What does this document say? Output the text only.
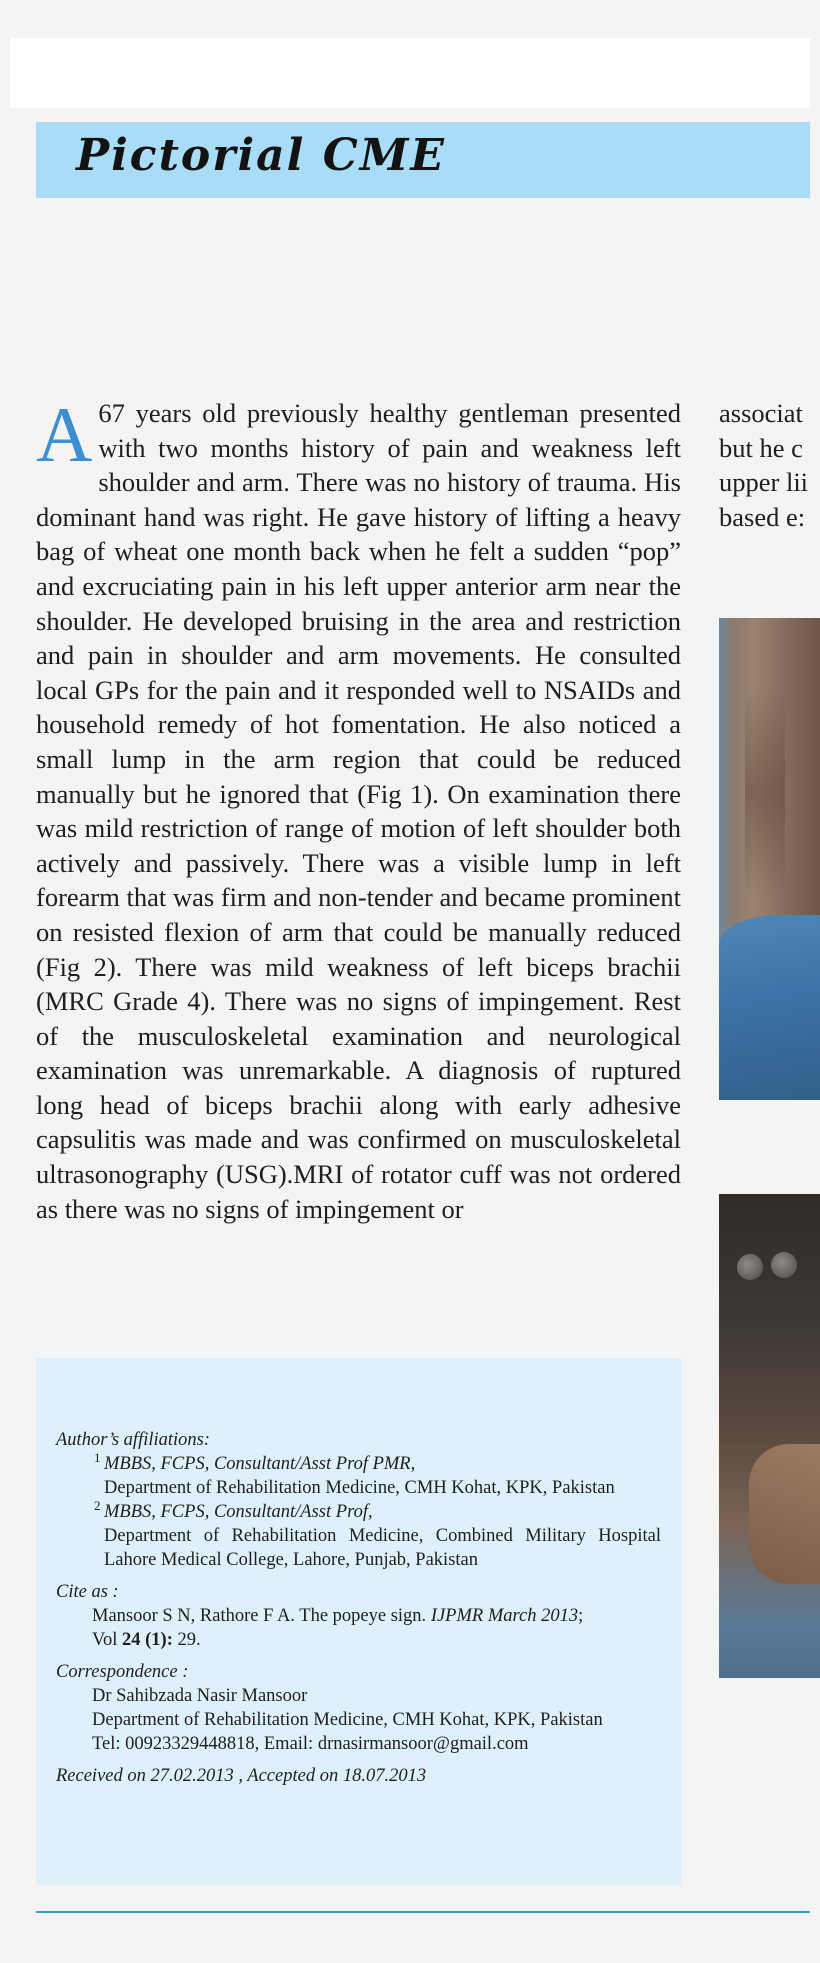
Pictorial CME
A 67 years old previously healthy gentleman presented with two months history of pain and weakness left shoulder and arm. There was no history of trauma. His dominant hand was right. He gave history of lifting a heavy bag of wheat one month back when he felt a sudden “pop” and excruciating pain in his left upper anterior arm near the shoulder. He developed bruising in the area and restriction and pain in shoulder and arm movements. He consulted local GPs for the pain and it responded well to NSAIDs and household remedy of hot fomentation. He also noticed a small lump in the arm region that could be reduced manually but he ignored that (Fig 1). On examination there was mild restriction of range of motion of left shoulder both actively and passively. There was a visible lump in left forearm that was firm and non-tender and became prominent on resisted flexion of arm that could be manually reduced (Fig 2). There was mild weakness of left biceps brachii (MRC Grade 4). There was no signs of impingement. Rest of the musculoskeletal examination and neurological examination was unremarkable. A diagnosis of ruptured long head of biceps brachii along with early adhesive capsulitis was made and was confirmed on musculoskeletal ultrasonography (USG).MRI of rotator cuff was not ordered as there was no signs of impingement or
associat
but he c
upper lii
based e:
Author’s affiliations:
1 MBBS, FCPS, Consultant/Asst Prof PMR,
Department of Rehabilitation Medicine, CMH Kohat, KPK, Pakistan
2 MBBS, FCPS, Consultant/Asst Prof,
Department of Rehabilitation Medicine, Combined Military Hospital Lahore Medical College, Lahore, Punjab, Pakistan
Cite as :
Mansoor S N, Rathore F A. The popeye sign. IJPMR March 2013;
Vol 24 (1): 29.
Correspondence :
Dr Sahibzada Nasir Mansoor
Department of Rehabilitation Medicine, CMH Kohat, KPK, Pakistan
Tel: 00923329448818, Email: drnasirmansoor@gmail.com
Received on 27.02.2013 , Accepted on 18.07.2013
